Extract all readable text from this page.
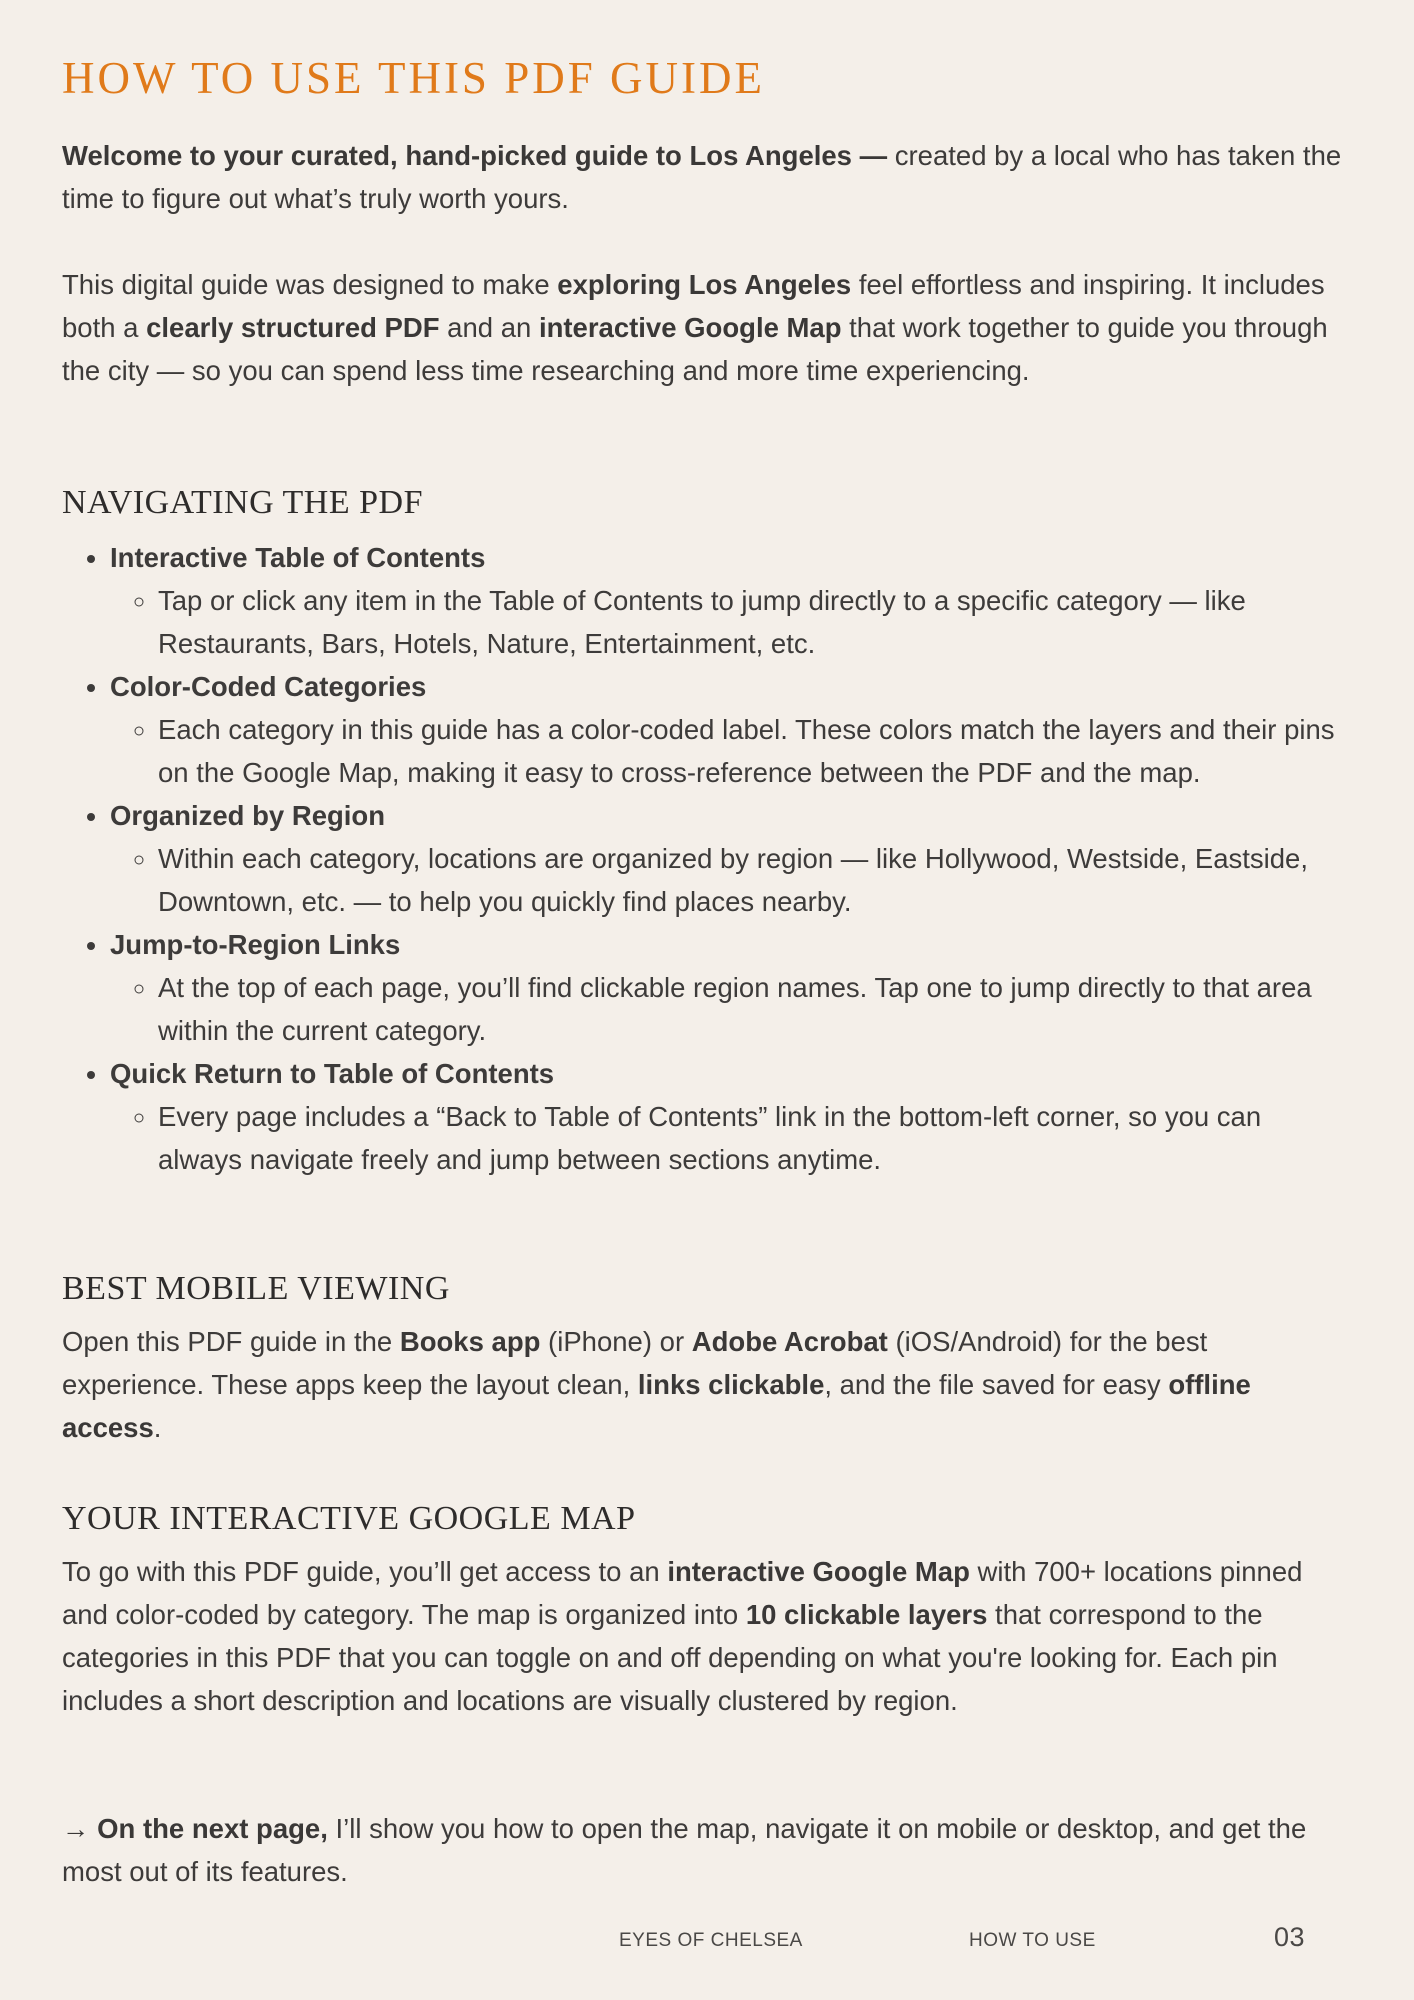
HOW TO USE THIS PDF GUIDE

Welcome to your curated, hand-picked guide to Los Angeles — created by a local who has taken the time to figure out what’s truly worth yours.

This digital guide was designed to make exploring Los Angeles feel effortless and inspiring. It includes both a clearly structured PDF and an interactive Google Map that work together to guide you through the city — so you can spend less time researching and more time experiencing.

NAVIGATING THE PDF
• Interactive Table of Contents
◦ Tap or click any item in the Table of Contents to jump directly to a specific category — like Restaurants, Bars, Hotels, Nature, Entertainment, etc.
• Color-Coded Categories
◦ Each category in this guide has a color-coded label. These colors match the layers and their pins on the Google Map, making it easy to cross-reference between the PDF and the map.
• Organized by Region
◦ Within each category, locations are organized by region — like Hollywood, Westside, Eastside, Downtown, etc. — to help you quickly find places nearby.
• Jump-to-Region Links
◦ At the top of each page, you’ll find clickable region names. Tap one to jump directly to that area within the current category.
• Quick Return to Table of Contents
◦ Every page includes a “Back to Table of Contents” link in the bottom-left corner, so you can always navigate freely and jump between sections anytime.
BEST MOBILE VIEWING

Open this PDF guide in the Books app (iPhone) or Adobe Acrobat (iOS/Android) for the best experience. These apps keep the layout clean, links clickable, and the file saved for easy offline access.

YOUR INTERACTIVE GOOGLE MAP

To go with this PDF guide, you’ll get access to an interactive Google Map with 700+ locations pinned and color-coded by category. The map is organized into 10 clickable layers that correspond to the categories in this PDF that you can toggle on and off depending on what you're looking for. Each pin includes a short description and locations are visually clustered by region.

→ On the next page, I’ll show you how to open the map, navigate it on mobile or desktop, and get the most out of its features.

EYES OF CHELSEA	HOW TO USE	03
